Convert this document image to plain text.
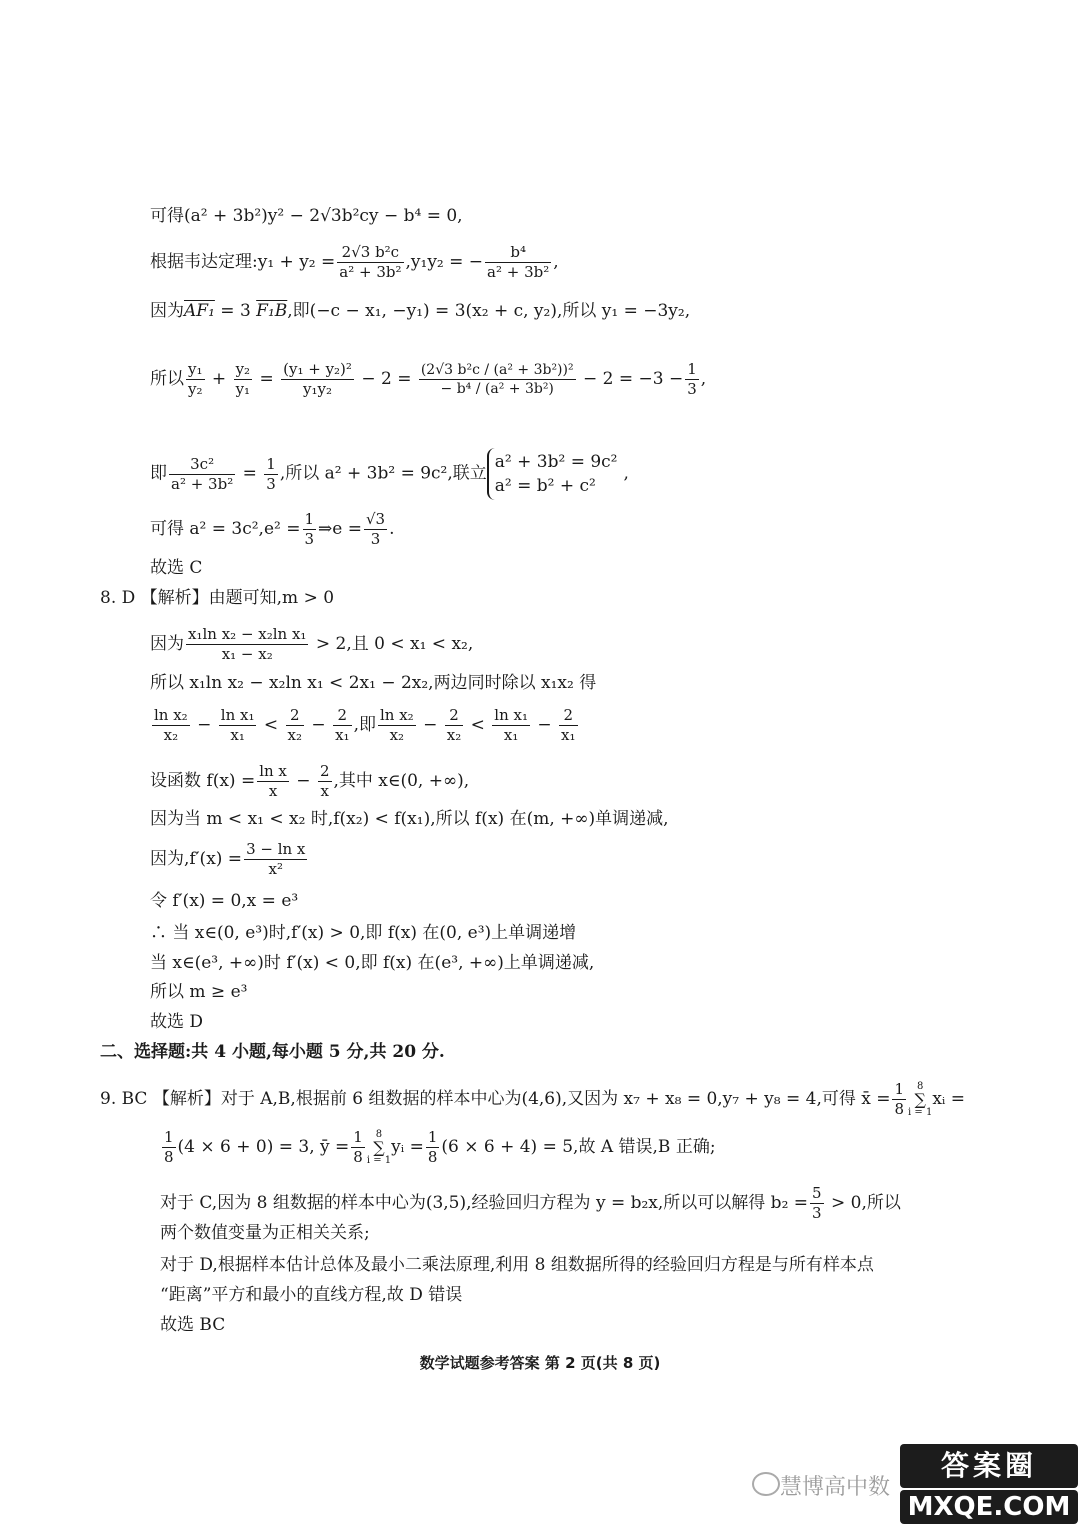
可得(a² + 3b²)y² − 2√3b²cy − b⁴ = 0,
根据韦达定理:y₁ + $y_2 = \frac{\text{2√3 b²c}}{\text{a² + 3b²}} ,y_1y_2$ = − $\frac{\text{b⁴}}{\text{a² + 3b²}}$ ,
因为AF₁ = 3 F₁B,即(−c − x₁, −y₁) = 3(x₂ + c, y₂),所以 y₁ = −3y₂,
所以 $\frac{\text{y₁}}{\text{y₂}} + \frac{\text{y₂}}{\text{y₁}} = \frac{\text{(y₁ + y₂)²}}{\text{y₁y₂}} - 2 = \frac{\text{(2√3 b²c / (a² + 3b²))²}}{\text{− b⁴ / (a² + 3b²)}} - 2 = -3 - \frac{1}{3}$ ,
即 $\frac{\text{3c²}}{\text{a² + 3b²}} = \frac{1}{3}$ ,所以 a² + 3b² = 9c²,联立
a² + 3b² = 9c²
a² = b² + c²
,
可得 $a^2 = 3c^2,e^2 = \frac{1}{3}$ ⇒e = $\frac{√3}{3}$ .
故选 C
8. D 【解析】由题可知,m > 0
因为 $\frac{\text{x₁ln x₂ − x₂ln x₁}}{\text{x₁ − x₂}} > 2$,且 0 < x₁ < x₂,
所以 x₁ln x₂ − x₂ln x₁ < 2x₁ − 2x₂,两边同时除以 x₁x₂ 得
$\frac{\text{ln x₂}}{\text{x₂}} - \frac{\text{ln x₁}}{\text{x₁}} < \frac{2}{\text{x₂}} - \frac{2}{\text{x₁}}$ ,即 $\frac{\text{ln x₂}}{\text{x₂}} - \frac{2}{\text{x₂}} < \frac{\text{ln x₁}}{\text{x₁}} - \frac{2}{\text{x₁}}$
设函数 $f(x) = \frac{\text{ln x}}{x} - \frac{2}{x}$ ,其中 x∈(0, +∞),
因为当 m < x₁ < x₂ 时,f(x₂) < f(x₁),所以 f(x) 在(m, +∞)单调递减,
因为$,f'(x) = \frac{\text{3 − ln x}}{\text{x²}}$
令 f′(x) = 0,x = e³
∴ 当 x∈(0, e³)时,f′(x) > 0,即 f(x) 在(0, e³)上单调递增
当 x∈(e³, +∞)时 f′(x) < 0,即 f(x) 在(e³, +∞)上单调递减,
所以 m ≥ e³
故选 D
二、选择题:共 4 小题,每小题 5 分,共 20 分.
9. BC 【解析】对于 A,B,根据前 6 组数据的样本中心为(4,6),又因为 x₇ + x₈ = 0,y₇ + y₈ = 4,可得 x̄ = $\frac{1}{8} 8$
∑
i = 1xᵢ =
$\frac{1}{8} (4 \times 6 + 0) = 3$, ȳ = $\frac{1}{8} 8$
∑
i = 1yᵢ = $\frac{1}{8} (6 \times 6 + 4) = 5$,故 A 错误,B 正确;
对于 C,因为 8 组数据的样本中心为(3,5),经验回归方程为 y = b₂x,所以可以解得 $b_2 = \frac{5}{3} > 0$,所以
两个数值变量为正相关关系;
对于 D,根据样本估计总体及最小二乘法原理,利用 8 组数据所得的经验回归方程是与所有样本点
“距离”平方和最小的直线方程,故 D 错误
故选 BC
数学试题参考答案 第 2 页(共 8 页)
慧博高中数
答案圈
MXQE.COM
